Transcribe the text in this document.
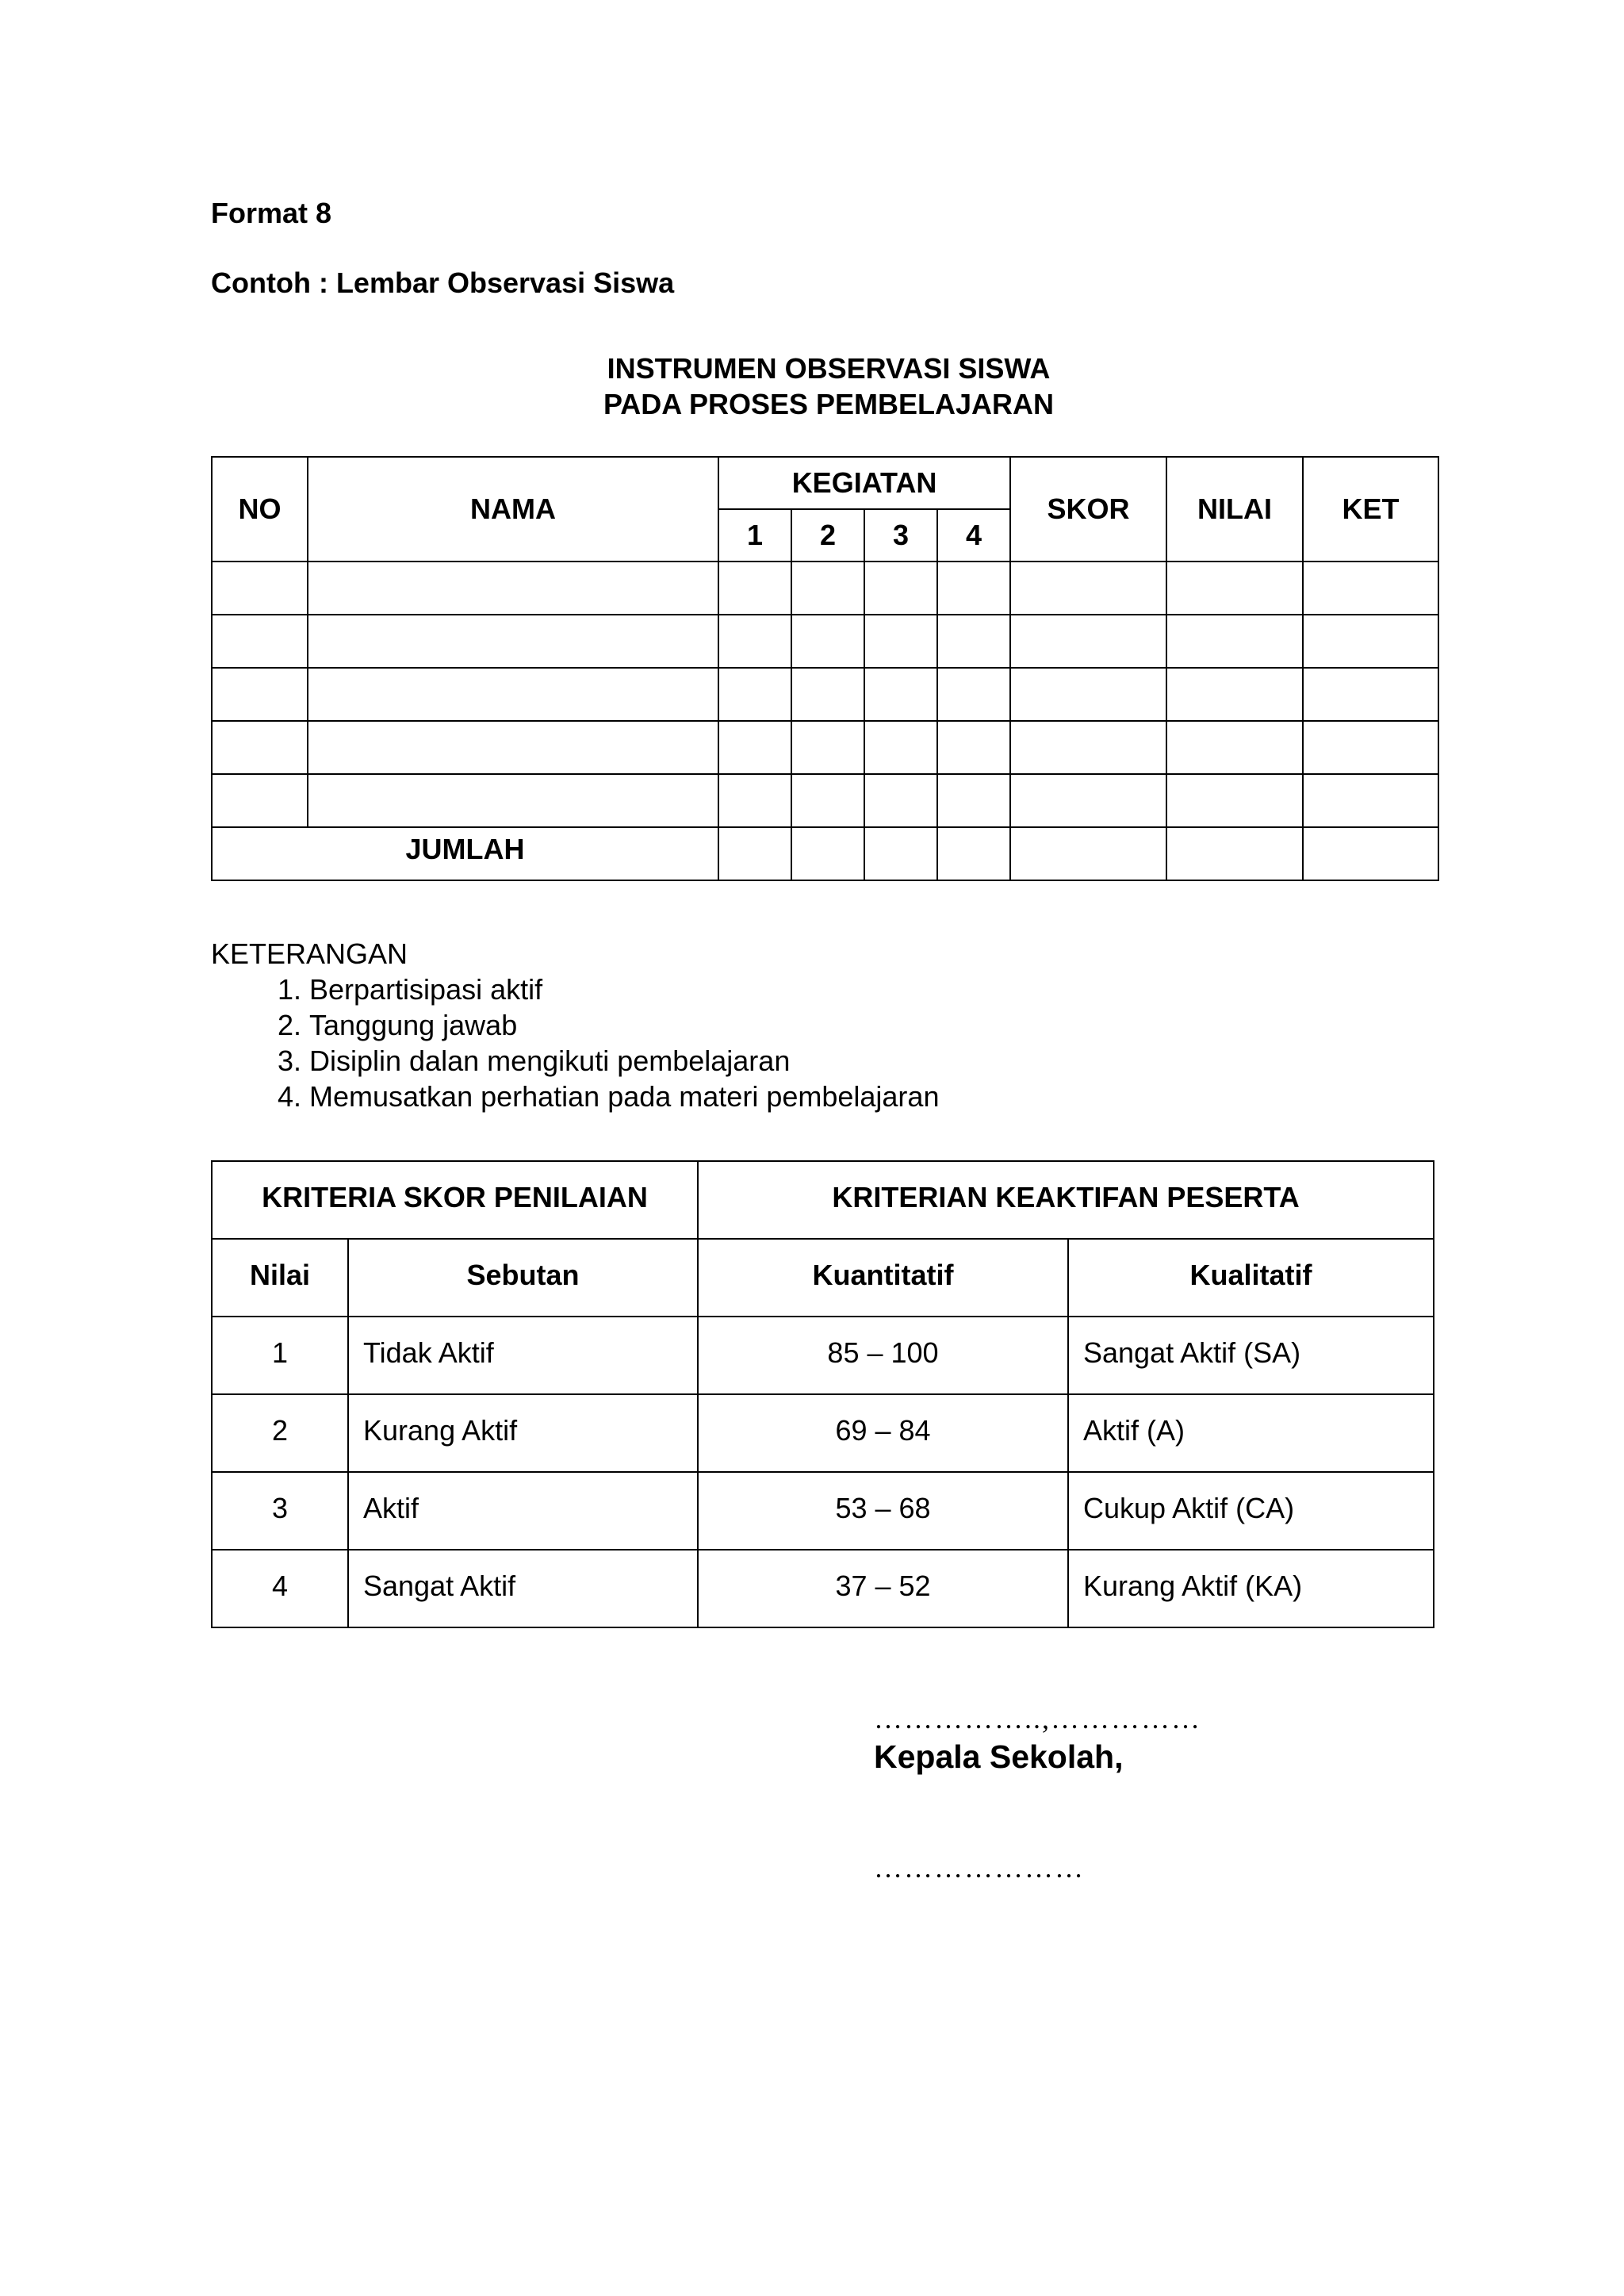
Format 8
Contoh : Lembar Observasi Siswa
INSTRUMEN OBSERVASI SISWA
PADA PROSES PEMBELAJARAN
NO	NAMA	KEGIATAN				SKOR	NILAI	KET
		1	2	3	4			

JUMLAH								
KETERANGAN
1. Berpartisipasi aktif
2. Tanggung jawab
3. Disiplin dalan mengikuti pembelajaran
4. Memusatkan perhatian pada materi pembelajaran
KRITERIA SKOR PENILAIAN		KRITERIAN KEAKTIFAN PESERTA	
Nilai	Sebutan	Kuantitatif	Kualitatif
1	Tidak Aktif	85 – 100	Sangat Aktif (SA)
2	Kurang Aktif	69 – 84	Aktif (A)
3	Aktif	53 – 68	Cukup Aktif (CA)
4	Sangat Aktif	37 – 52	Kurang Aktif (KA)
……………..,……………
Kepala Sekolah,
…………………
